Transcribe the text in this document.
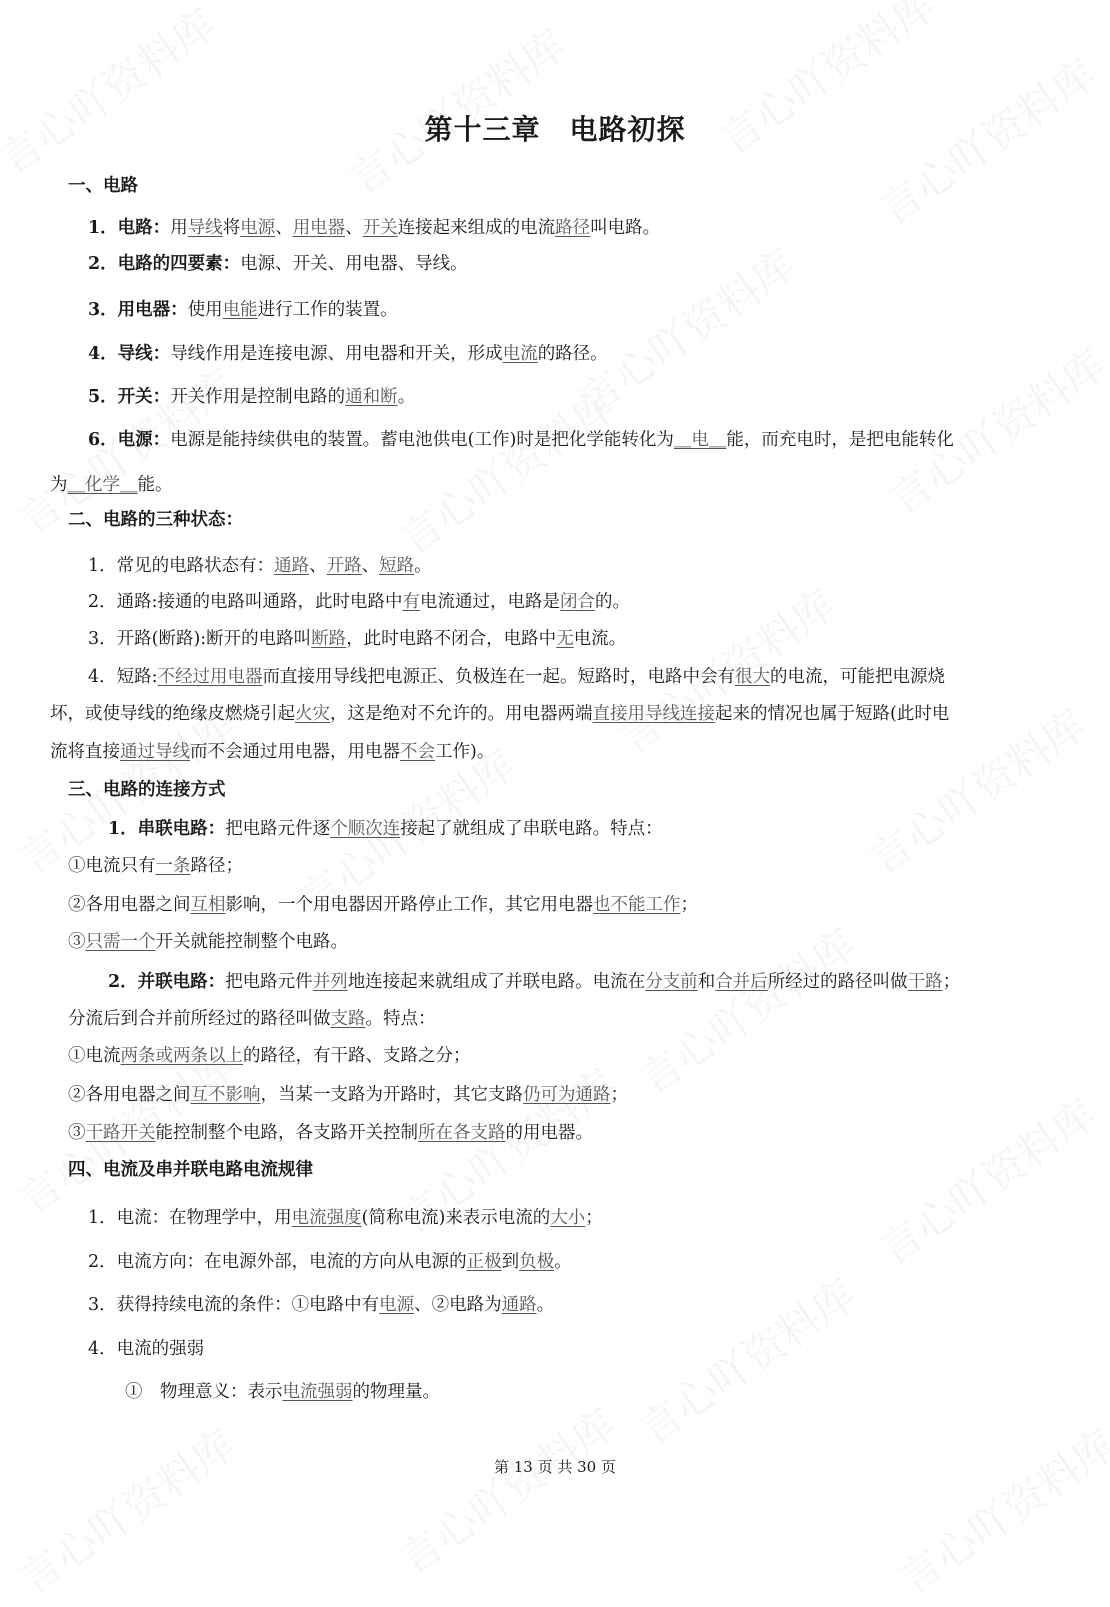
第十三章　电路初探
一、电路
1．电路：用导线将电源、用电器、开关连接起来组成的电流路径叫电路。
2．电路的四要素：电源、开关、用电器、导线。
3．用电器：使用电能进行工作的装置。
4．导线：导线作用是连接电源、用电器和开关，形成电流的路径。
5．开关：开关作用是控制电路的通和断。
6．电源：电源是能持续供电的装置。蓄电池供电(工作)时是把化学能转化为＿电＿能，而充电时，是把电能转化
为＿化学＿能。
二、电路的三种状态：
1．常见的电路状态有：通路、开路、短路。
2．通路:接通的电路叫通路，此时电路中有电流通过，电路是闭合的。
3．开路(断路):断开的电路叫断路，此时电路不闭合，电路中无电流。
4．短路:不经过用电器而直接用导线把电源正、负极连在一起。短路时，电路中会有很大的电流，可能把电源烧
坏，或使导线的绝缘皮燃烧引起火灾，这是绝对不允许的。用电器两端直接用导线连接起来的情况也属于短路(此时电
流将直接通过导线而不会通过用电器，用电器不会工作)。
三、电路的连接方式
1．串联电路：把电路元件逐个顺次连接起了就组成了串联电路。特点：
①电流只有一条路径；
②各用电器之间互相影响，一个用电器因开路停止工作，其它用电器也不能工作；
③只需一个开关就能控制整个电路。
2．并联电路：把电路元件并列地连接起来就组成了并联电路。电流在分支前和合并后所经过的路径叫做干路；
分流后到合并前所经过的路径叫做支路。特点：
①电流两条或两条以上的路径，有干路、支路之分；
②各用电器之间互不影响，当某一支路为开路时，其它支路仍可为通路；
③干路开关能控制整个电路，各支路开关控制所在各支路的用电器。
四、电流及串并联电路电流规律
1．电流：在物理学中，用电流强度(简称电流)来表示电流的大小；
2．电流方向：在电源外部，电流的方向从电源的正极到负极。
3．获得持续电流的条件：①电路中有电源、②电路为通路。
4．电流的强弱
①　物理意义：表示电流强弱的物理量。
第 13 页 共 30 页
